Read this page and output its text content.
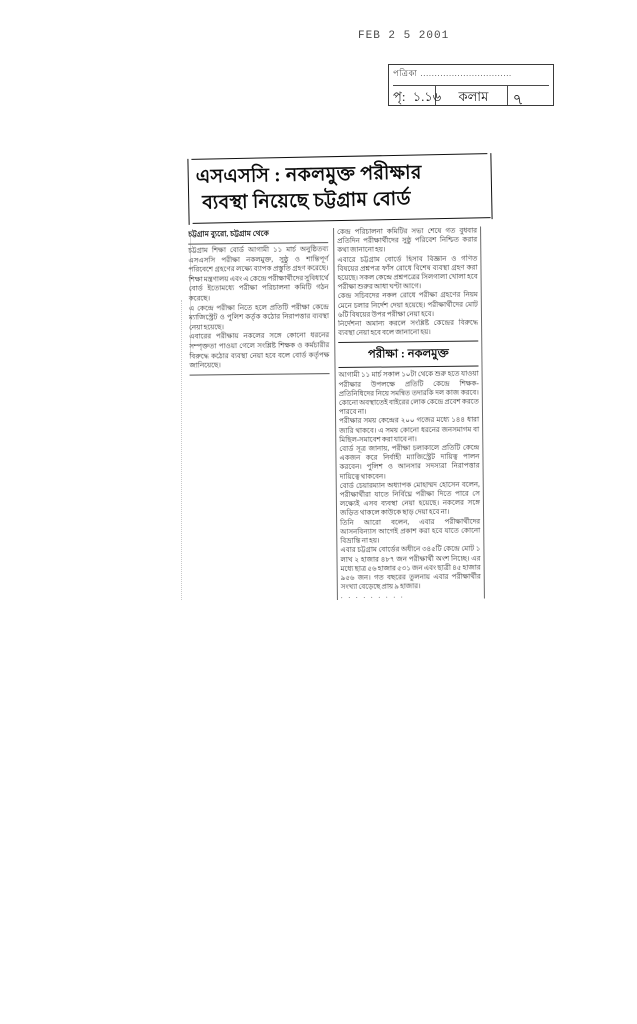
FEB 2 5 2001
পত্রিকা ................................
পৃ: ১.১৬ কলাম	৭
এসএসসি : নকলমুক্ত পরীক্ষার
ব্যবস্থা নিয়েছে চট্টগ্রাম বোর্ড
চট্টগ্রাম ব্যুরো, চট্টগ্রাম থেকে
চট্টগ্রাম শিক্ষা বোর্ড আগামী ১১ মার্চ অনুষ্ঠিতব্য এসএসসি পরীক্ষা নকলমুক্ত, সুষ্ঠু ও শান্তিপূর্ণ পরিবেশে গ্রহণের লক্ষ্যে ব্যাপক প্রস্তুতি গ্রহণ করেছে। শিক্ষা মন্ত্রণালয় এবং এ কেন্দ্রে পরীক্ষার্থীদের সুবিধার্থে বোর্ড ইতোমধ্যে পরীক্ষা পরিচালনা কমিটি গঠন করেছে।
এ কেন্দ্রে পরীক্ষা নিতে হলে প্রতিটি পরীক্ষা কেন্দ্রে ম্যাজিস্ট্রেট ও পুলিশ কর্তৃক কঠোর নিরাপত্তার ব্যবস্থা নেয়া হয়েছে।
এবারের পরীক্ষায় নকলের সঙ্গে কোনো ধরনের সম্পৃক্ততা পাওয়া গেলে সংশ্লিষ্ট শিক্ষক ও কর্মচারীর বিরুদ্ধে কঠোর ব্যবস্থা নেয়া হবে বলে বোর্ড কর্তৃপক্ষ জানিয়েছে।
কেন্দ্র পরিচালনা কমিটির সভা শেষে গত বুধবার প্রতিদিন পরীক্ষার্থীদের সুষ্ঠু পরিবেশ নিশ্চিত করার কথা জানানো হয়।
এবারে চট্টগ্রাম বোর্ডে হিসাব বিজ্ঞান ও গণিত বিষয়ের প্রশ্নপত্র ফাঁস রোধে বিশেষ ব্যবস্থা গ্রহণ করা হয়েছে। সকল কেন্দ্রে প্রশ্নপত্রের সিলগালা খোলা হবে পরীক্ষা শুরুর আধা ঘণ্টা আগে।
কেন্দ্র সচিবদের নকল রোধে পরীক্ষা গ্রহণের নিয়ম মেনে চলার নির্দেশ দেয়া হয়েছে। পরীক্ষার্থীদের মোট ৬টি বিষয়ের উপর পরীক্ষা নেয়া হবে।
নির্দেশনা অমান্য করলে সংশ্লিষ্ট কেন্দ্রের বিরুদ্ধে ব্যবস্থা নেয়া হবে বলে জানানো হয়।
পরীক্ষা : নকলমুক্ত
আগামী ১১ মার্চ সকাল ১০টা থেকে শুরু হতে যাওয়া পরীক্ষার উপলক্ষে প্রতিটি কেন্দ্রে শিক্ষক-প্রতিনিধিদের নিয়ে সমন্বিত তদারকি দল কাজ করবে। কোনো অবস্থাতেই বাইরের লোক কেন্দ্রে প্রবেশ করতে পারবে না।
পরীক্ষার সময় কেন্দ্রের ২০০ গজের মধ্যে ১৪৪ ধারা জারি থাকবে। এ সময় কোনো ধরনের জনসমাগম বা মিছিল-সমাবেশ করা যাবে না।
বোর্ড সূত্র জানায়, পরীক্ষা চলাকালে প্রতিটি কেন্দ্রে একজন করে নির্বাহী ম্যাজিস্ট্রেট দায়িত্ব পালন করবেন। পুলিশ ও আনসার সদস্যরা নিরাপত্তার দায়িত্বে থাকবেন।
বোর্ড চেয়ারম্যান অধ্যাপক মোহাম্মদ হোসেন বলেন, পরীক্ষার্থীরা যাতে নির্বিঘ্নে পরীক্ষা দিতে পারে সে লক্ষ্যেই এসব ব্যবস্থা নেয়া হয়েছে। নকলের সঙ্গে জড়িত থাকলে কাউকে ছাড় দেয়া হবে না।
তিনি আরো বলেন, এবার পরীক্ষার্থীদের আসনবিন্যাস আগেই প্রকাশ করা হবে যাতে কোনো বিভ্রান্তি না হয়।
এবার চট্টগ্রাম বোর্ডের অধীনে ৩৪৫টি কেন্দ্রে মোট ১ লাখ ২ হাজার ৪৮৭ জন পরীক্ষার্থী অংশ নিচ্ছে। এর মধ্যে ছাত্র ৫৬ হাজার ৫৩১ জন এবং ছাত্রী ৪৫ হাজার ৯৫৬ জন। গত বছরের তুলনায় এবার পরীক্ষার্থীর সংখ্যা বেড়েছে প্রায় ৯ হাজার।
. . . . . . . . .
